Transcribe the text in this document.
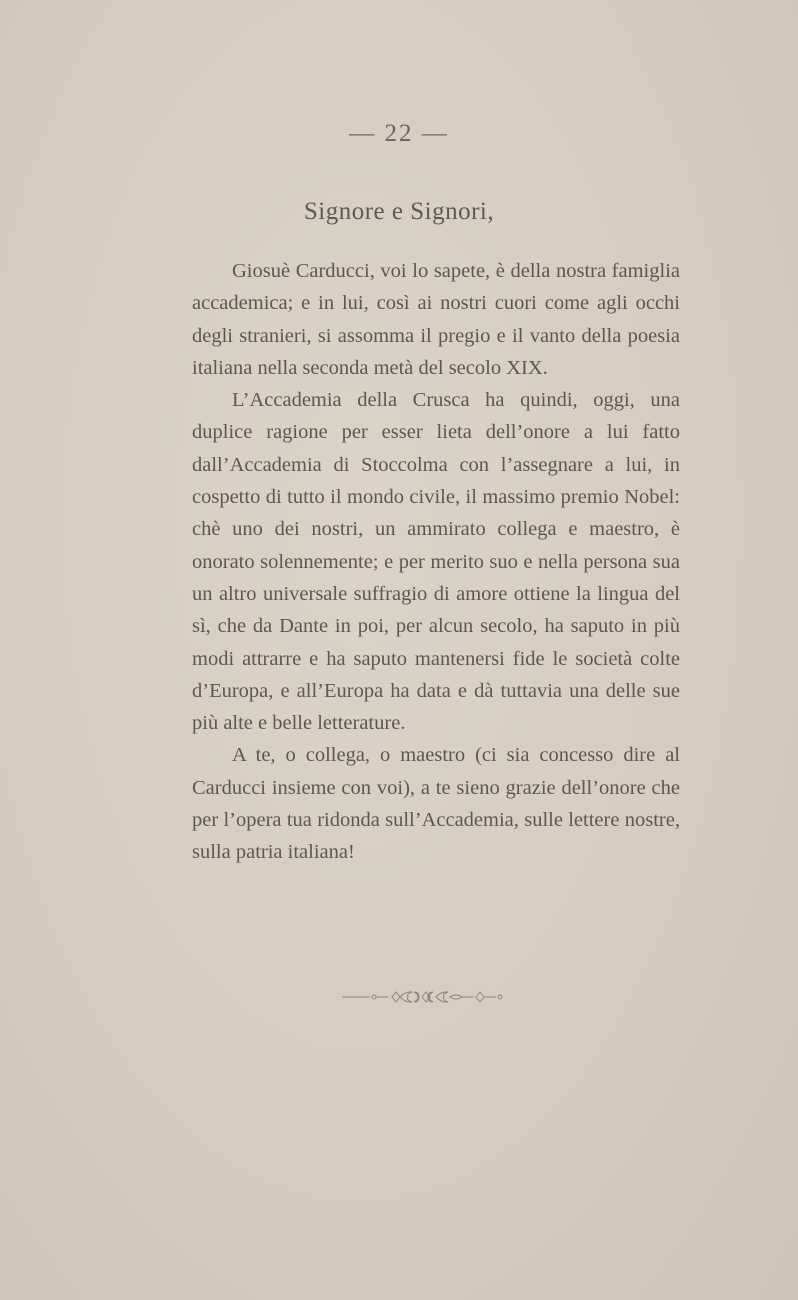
— 22 —
Signore e Signori,

Giosuè Carducci, voi lo sapete, è della nostra famiglia accademica; e in lui, così ai nostri cuori come agli occhi degli stranieri, si assomma il pregio e il vanto della poesia italiana nella seconda metà del secolo XIX.

L’Accademia della Crusca ha quindi, oggi, una duplice ragione per esser lieta dell’onore a lui fatto dall’Accademia di Stoccolma con l’assegnare a lui, in cospetto di tutto il mondo civile, il massimo premio Nobel: chè uno dei nostri, un ammirato collega e maestro, è onorato solennemente; e per merito suo e nella persona sua un altro universale suffragio di amore ottiene la lingua del sì, che da Dante in poi, per alcun secolo, ha saputo in più modi attrarre e ha saputo mantenersi fide le società colte d’Europa, e all’Europa ha data e dà tuttavia una delle sue più alte e belle letterature.

A te, o collega, o maestro (ci sia concesso dire al Carducci insieme con voi), a te sieno grazie dell’onore che per l’opera tua ridonda sull’Accademia, sulle lettere nostre, sulla patria italiana!
